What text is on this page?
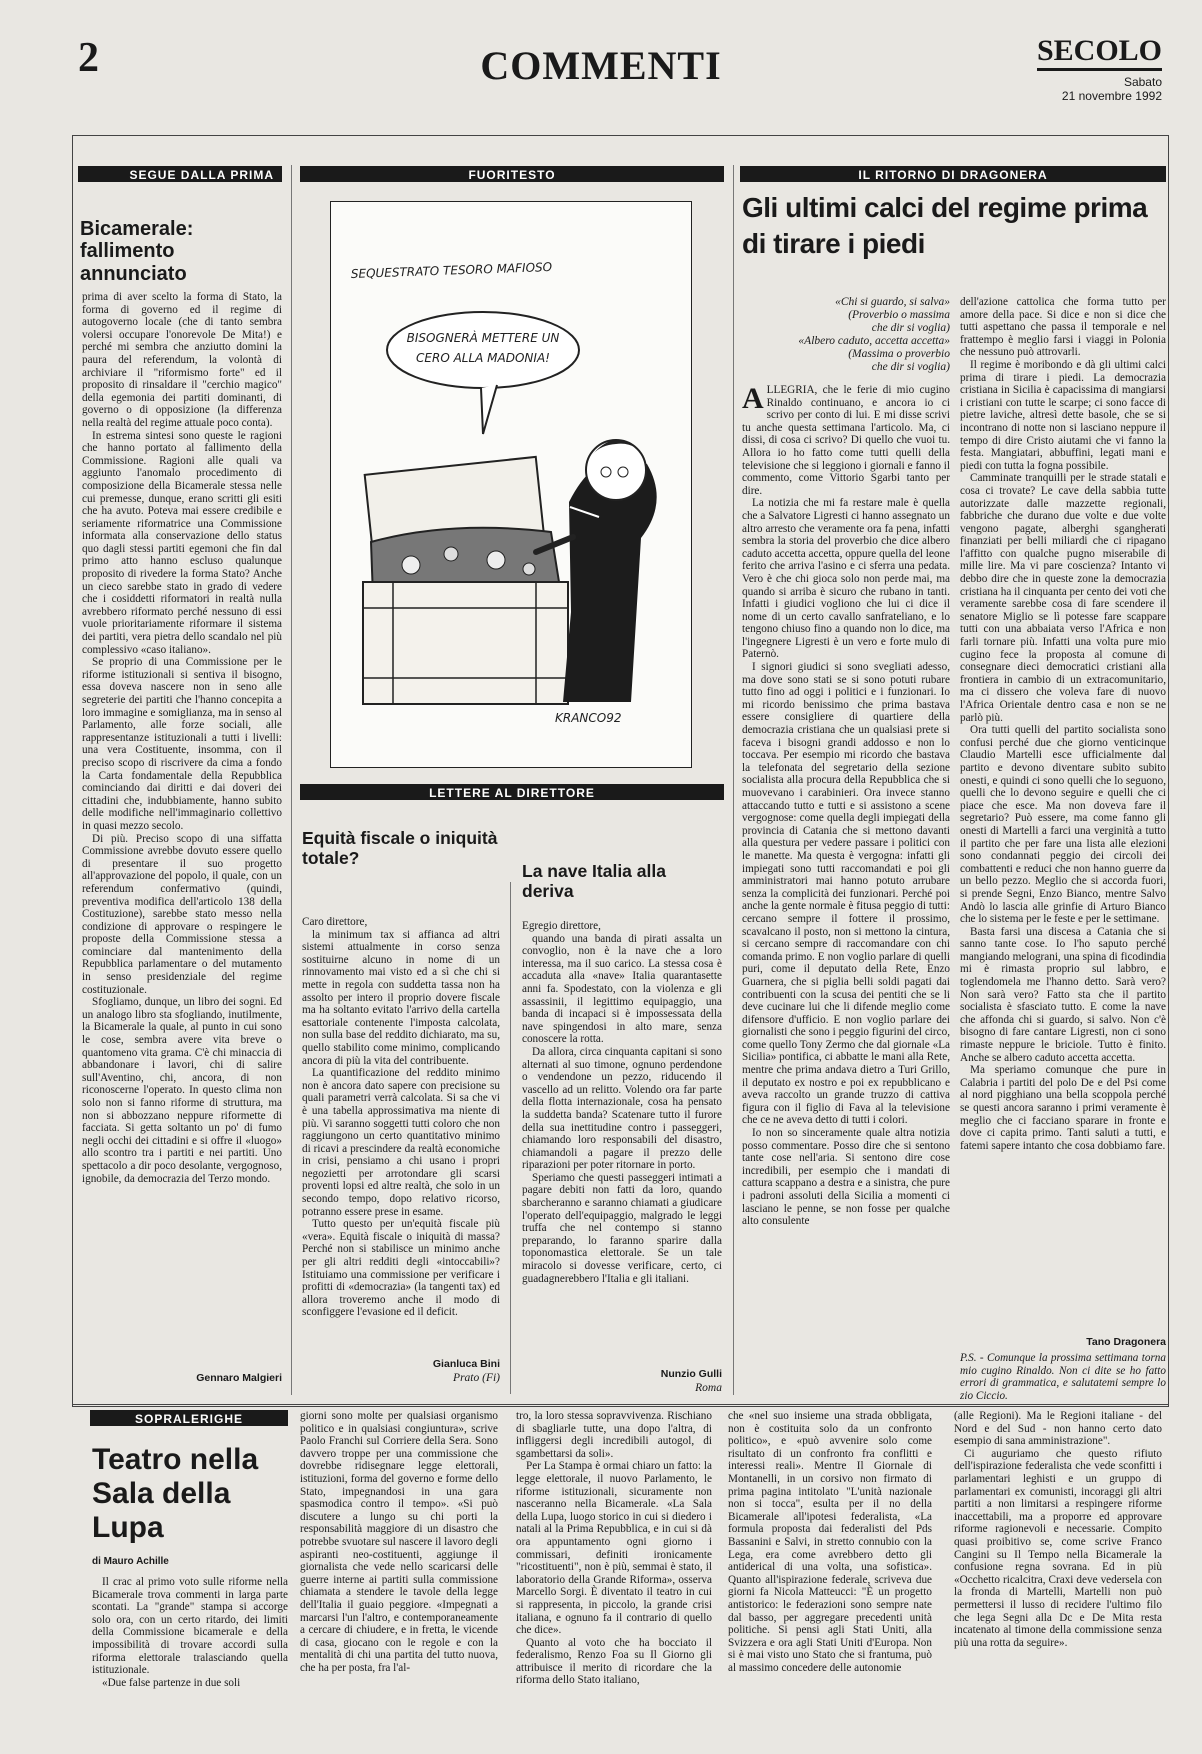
2	COMMENTI	SECOLO
Sabato
21 novembre 1992
SEGUE DALLA PRIMA
Bicamerale: fallimento annunciato

prima di aver scelto la forma di Stato, la forma di governo ed il regime di autogoverno locale (che di tanto sembra volersi occupare l'onorevole De Mita!) e perché mi sembra che anziutto domini la paura del referendum, la volontà di archiviare il "riformismo forte" ed il proposito di rinsaldare il "cerchio magico" della egemonia dei partiti dominanti, di governo o di opposizione (la differenza nella realtà del regime attuale poco conta).

In estrema sintesi sono queste le ragioni che hanno portato al fallimento della Commissione. Ragioni alle quali va aggiunto l'anomalo procedimento di composizione della Bicamerale stessa nelle cui premesse, dunque, erano scritti gli esiti che ha avuto. Poteva mai essere credibile e seriamente riformatrice una Commissione informata alla conservazione dello status quo dagli stessi partiti egemoni che fin dal primo atto hanno escluso qualunque proposito di rivedere la forma Stato? Anche un cieco sarebbe stato in grado di vedere che i cosiddetti riformatori in realtà nulla avrebbero riformato perché nessuno di essi vuole prioritariamente riformare il sistema dei partiti, vera pietra dello scandalo nel più complessivo «caso italiano».

Se proprio di una Commissione per le riforme istituzionali si sentiva il bisogno, essa doveva nascere non in seno alle segreterie dei partiti che l'hanno concepita a loro immagine e somiglianza, ma in senso al Parlamento, alle forze sociali, alle rappresentanze istituzionali a tutti i livelli: una vera Costituente, insomma, con il preciso scopo di riscrivere da cima a fondo la Carta fondamentale della Repubblica cominciando dai diritti e dai doveri dei cittadini che, indubbiamente, hanno subito delle modifiche nell'immaginario collettivo in quasi mezzo secolo.

Di più. Preciso scopo di una siffatta Commissione avrebbe dovuto essere quello di presentare il suo progetto all'approvazione del popolo, il quale, con un referendum confermativo (quindi, preventiva modifica dell'articolo 138 della Costituzione), sarebbe stato messo nella condizione di approvare o respingere le proposte della Commissione stessa a cominciare dal mantenimento della Repubblica parlamentare o del mutamento in senso presidenziale del regime costituzionale.

Sfogliamo, dunque, un libro dei sogni. Ed un analogo libro sta sfogliando, inutilmente, la Bicamerale la quale, al punto in cui sono le cose, sembra avere vita breve o quantomeno vita grama. C'è chi minaccia di abbandonare i lavori, chi di salire sull'Aventino, chi, ancora, di non riconoscerne l'operato. In questo clima non solo non si fanno riforme di struttura, ma non si abbozzano neppure riformette di facciata. Si getta soltanto un po' di fumo negli occhi dei cittadini e si offre il «luogo» allo scontro tra i partiti e nei partiti. Uno spettacolo a dir poco desolante, vergognoso, ignobile, da democrazia del Terzo mondo.

Gennaro Malgieri
FUORITESTO
SEQUESTRATO TESORO MAFIOSO
BISOGNERÀ METTERE UN
CERO ALLA MADONIA!
KRANCO92
LETTERE AL DIRETTORE
Equità fiscale o iniquità totale?

Caro direttore,

la minimum tax si affianca ad altri sistemi attualmente in corso senza sostituirne alcuno in nome di un rinnovamento mai visto ed a sì che chi si mette in regola con suddetta tassa non ha assolto per intero il proprio dovere fiscale ma ha soltanto evitato l'arrivo della cartella esattoriale contenente l'imposta calcolata, non sulla base del reddito dichiarato, ma su, quello stabilito come minimo, complicando ancora di più la vita del contribuente.

La quantificazione del reddito minimo non è ancora dato sapere con precisione su quali parametri verrà calcolata. Si sa che vi è una tabella approssimativa ma niente di più. Vi saranno soggetti tutti coloro che non raggiungono un certo quantitativo minimo di ricavi a prescindere da realtà economiche in crisi, pensiamo a chi usano i propri negozietti per arrotondare gli scarsi proventi lopsi ed altre realtà, che solo in un secondo tempo, dopo relativo ricorso, potranno essere prese in esame.

Tutto questo per un'equità fiscale più «vera». Equità fiscale o iniquità di massa? Perché non si stabilisce un minimo anche per gli altri redditi degli «intoccabili»? Istituiamo una commissione per verificare i profitti di «democrazia» (la tangenti tax) ed allora troveremo anche il modo di sconfiggere l'evasione ed il deficit.

Gianluca Bini
Prato (Fi)
La nave Italia alla deriva

Egregio direttore,

quando una banda di pirati assalta un convoglio, non è la nave che a loro interessa, ma il suo carico. La stessa cosa è accaduta alla «nave» Italia quarantasette anni fa. Spodestato, con la violenza e gli assassinii, il legittimo equipaggio, una banda di incapaci si è impossessata della nave spingendosi in alto mare, senza conoscere la rotta.

Da allora, circa cinquanta capitani si sono alternati al suo timone, ognuno perdendone o vendendone un pezzo, riducendo il vascello ad un relitto. Volendo ora far parte della flotta internazionale, cosa ha pensato la suddetta banda? Scatenare tutto il furore della sua inettitudine contro i passeggeri, chiamando loro responsabili del disastro, chiamandoli a pagare il prezzo delle riparazioni per poter ritornare in porto.

Speriamo che questi passeggeri intimati a pagare debiti non fatti da loro, quando sbarcheranno e saranno chiamati a giudicare l'operato dell'equipaggio, malgrado le leggi truffa che nel contempo si stanno preparando, lo faranno sparire dalla toponomastica elettorale. Se un tale miracolo si dovesse verificare, certo, ci guadagnerebbero l'Italia e gli italiani.

Nunzio Gulli
Roma
IL RITORNO DI DRAGONERA
Gli ultimi calci del regime prima di tirare i piedi
«Chi si guardo, si salva»
(Proverbio o massima
che dir si voglia)
«Albero caduto, accetta accetta»
(Massima o proverbio
che dir si voglia)

ALLEGRIA, che le ferie di mio cugino Rinaldo continuano, e ancora io ci scrivo per conto di lui. E mi disse scrivi tu anche questa settimana l'articolo. Ma, ci dissi, di cosa ci scrivo? Di quello che vuoi tu. Allora io ho fatto come tutti quelli della televisione che si leggiono i giornali e fanno il commento, come Vittorio Sgarbi tanto per dire.

La notizia che mi fa restare male è quella che a Salvatore Ligresti ci hanno assegnato un altro arresto che veramente ora fa pena, infatti sembra la storia del proverbio che dice albero caduto accetta accetta, oppure quella del leone ferito che arriva l'asino e ci sferra una pedata. Vero è che chi gioca solo non perde mai, ma quando si arriba è sicuro che rubano in tanti. Infatti i giudici vogliono che lui ci dice il nome di un certo cavallo sanfrateliano, e lo tengono chiuso fino a quando non lo dice, ma l'ingegnere Ligresti è un vero e forte mulo di Paternò.

I signori giudici si sono svegliati adesso, ma dove sono stati se si sono potuti rubare tutto fino ad oggi i politici e i funzionari. Io mi ricordo benissimo che prima bastava essere consigliere di quartiere della democrazia cristiana che un qualsiasi prete si faceva i bisogni grandi addosso e non lo toccava. Per esempio mi ricordo che bastava la telefonata del segretario della sezione socialista alla procura della Repubblica che si muovevano i carabinieri. Ora invece stanno attaccando tutto e tutti e si assistono a scene vergognose: come quella degli impiegati della provincia di Catania che si mettono davanti alla questura per vedere passare i politici con le manette. Ma questa è vergogna: infatti gli impiegati sono tutti raccomandati e poi gli amministratori mai hanno potuto arrubare senza la complicità dei funzionari. Perché poi anche la gente normale è fitusa peggio di tutti: cercano sempre il fottere il prossimo, scavalcano il posto, non si mettono la cintura, si cercano sempre di raccomandare con chi comanda primo. E non voglio parlare di quelli puri, come il deputato della Rete, Enzo Guarnera, che si piglia belli soldi pagati dai contribuenti con la scusa dei pentiti che se li deve cucinare lui che li difende meglio come difensore d'ufficio. E non voglio parlare dei giornalisti che sono i peggio figurini del circo, come quello Tony Zermo che dal giornale «La Sicilia» pontifica, ci abbatte le mani alla Rete, mentre che prima andava dietro a Turi Grillo, il deputato ex nostro e poi ex repubblicano e aveva raccolto un grande truzzo di cattiva figura con il figlio di Fava al la televisione che ce ne aveva detto di tutti i colori.

Io non so sinceramente quale altra notizia posso commentare. Posso dire che si sentono tante cose nell'aria. Si sentono dire cose incredibili, per esempio che i mandati di cattura scappano a destra e a sinistra, che pure i padroni assoluti della Sicilia a momenti ci lasciano le penne, se non fosse per qualche alto consulente

dell'azione cattolica che forma tutto per amore della pace. Si dice e non si dice che tutti aspettano che passa il temporale e nel frattempo è meglio farsi i viaggi in Polonia che nessuno può attrovarli.

Il regime è moribondo e dà gli ultimi calci prima di tirare i piedi. La democrazia cristiana in Sicilia è capacissima di mangiarsi i cristiani con tutte le scarpe; ci sono facce di pietre laviche, altresì dette basole, che se si incontrano di notte non si lasciano neppure il tempo di dire Cristo aiutami che vi fanno la festa. Mangiatari, abbuffini, legati mani e piedi con tutta la fogna possibile.

Camminate tranquilli per le strade statali e cosa ci trovate? Le cave della sabbia tutte autorizzate dalle mazzette regionali, fabbriche che durano due volte e due volte vengono pagate, alberghi sgangherati finanziati per belli miliardi che ci ripagano l'affitto con qualche pugno miserabile di mille lire. Ma vi pare coscienza? Intanto vi debbo dire che in queste zone la democrazia cristiana ha il cinquanta per cento dei voti che veramente sarebbe cosa di fare scendere il senatore Miglio se lì potesse fare scappare tutti con una abbaiata verso l'Africa e non farli tornare più. Infatti una volta pure mio cugino fece la proposta al comune di consegnare dieci democratici cristiani alla frontiera in cambio di un extracomunitario, ma ci dissero che voleva fare di nuovo l'Africa Orientale dentro casa e non se ne parlò più.

Ora tutti quelli del partito socialista sono confusi perché due che giorno venticinque Claudio Martelli esce ufficialmente dal partito e devono diventare subito subito onesti, e quindi ci sono quelli che lo seguono, quelli che lo devono seguire e quelli che ci piace che esce. Ma non doveva fare il segretario? Può essere, ma come fanno gli onesti di Martelli a farci una verginità a tutto il partito che per fare una lista alle elezioni sono condannati peggio dei circoli dei combattenti e reduci che non hanno guerre da un bello pezzo. Meglio che si accorda fuori, si prende Segni, Enzo Bianco, mentre Salvo Andò lo lascia alle grinfie di Arturo Bianco che lo sistema per le feste e per le settimane.

Basta farsi una discesa a Catania che si sanno tante cose. Io l'ho saputo perché mangiando melograni, una spina di ficodindia mi è rimasta proprio sul labbro, e toglendomela me l'hanno detto. Sarà vero? Non sarà vero? Fatto sta che il partito socialista è sfasciato tutto. E come la nave che affonda chi si guardo, si salvo. Non c'è bisogno di fare cantare Ligresti, non ci sono rimaste neppure le briciole. Tutto è finito. Anche se albero caduto accetta accetta.

Ma speriamo comunque che pure in Calabria i partiti del polo De e del Psi come al nord pigghiano una bella scoppola perché se questi ancora saranno i primi veramente è meglio che ci facciano sparare in fronte e dove ci capita primo. Tanti saluti a tutti, e fatemi sapere intanto che cosa dobbiamo fare.

Tano Dragonera
P.S. - Comunque la prossima settimana torna mio cugino Rinaldo. Non ci dite se ho fatto errori di grammatica, e salutatemi sempre lo zio Ciccio.
SOPRALERIGHE
Teatro nella Sala della Lupa
di Mauro Achille

Il crac al primo voto sulle riforme nella Bicamerale trova commenti in larga parte scontati. La "grande" stampa si accorge solo ora, con un certo ritardo, dei limiti della Commissione bicamerale e della impossibilità di trovare accordi sulla riforma elettorale tralasciando quella istituzionale.

«Due false partenze in due soli

giorni sono molte per qualsiasi organismo politico e in qualsiasi congiuntura», scrive Paolo Franchi sul Corriere della Sera. Sono davvero troppe per una commissione che dovrebbe ridisegnare legge elettorali, istituzioni, forma del governo e forme dello Stato, impegnandosi in una gara spasmodica contro il tempo». «Si può discutere a lungo su chi porti la responsabilità maggiore di un disastro che potrebbe svuotare sul nascere il lavoro degli aspiranti neo-costituenti, aggiunge il giornalista che vede nello scaricarsi delle guerre interne ai partiti sulla commissione chiamata a stendere le tavole della legge dell'Italia il guaio peggiore. «Impegnati a marcarsi l'un l'altro, e contemporaneamente a cercare di chiudere, e in fretta, le vicende di casa, giocano con le regole e con la mentalità di chi una partita del tutto nuova, che ha per posta, fra l'al-

tro, la loro stessa sopravvivenza. Rischiano di sbagliarle tutte, una dopo l'altra, di infliggersi degli incredibili autogol, di sgambettarsi da soli».

Per La Stampa è ormai chiaro un fatto: la legge elettorale, il nuovo Parlamento, le riforme istituzionali, sicuramente non nasceranno nella Bicamerale. «La Sala della Lupa, luogo storico in cui si diedero i natali al la Prima Repubblica, e in cui si dà ora appuntamento ogni giorno i commissari, definiti ironicamente "ricostituenti", non è più, semmai è stato, il laboratorio della Grande Riforma», osserva Marcello Sorgi. È diventato il teatro in cui si rappresenta, in piccolo, la grande crisi italiana, e ognuno fa il contrario di quello che dice».

Quanto al voto che ha bocciato il federalismo, Renzo Foa su Il Giorno gli attribuisce il merito di ricordare che la riforma dello Stato italiano,

che «nel suo insieme una strada obbligata, non è costituita solo da un confronto politico», e «può avvenire solo come risultato di un confronto fra conflitti e interessi reali». Mentre Il Giornale di Montanelli, in un corsivo non firmato di prima pagina intitolato "L'unità nazionale non si tocca", esulta per il no della Bicamerale all'ipotesi federalista, «La formula proposta dai federalisti del Pds Bassanini e Salvi, in stretto connubio con la Lega, era come avrebbero detto gli antiderical di una volta, una sofistica». Quanto all'ispirazione federale, scriveva due giorni fa Nicola Matteucci: "È un progetto antistorico: le federazioni sono sempre nate dal basso, per aggregare precedenti unità politiche. Si pensi agli Stati Uniti, alla Svizzera e ora agli Stati Uniti d'Europa. Non si è mai visto uno Stato che si frantuma, può al massimo concedere delle autonomie

(alle Regioni). Ma le Regioni italiane - del Nord e del Sud - non hanno certo dato esempio di sana amministrazione".

Ci auguriamo che questo rifiuto dell'ispirazione federalista che vede sconfitti i parlamentari leghisti e un gruppo di parlamentari ex comunisti, incoraggi gli altri partiti a non limitarsi a respingere riforme inaccettabili, ma a proporre ed approvare riforme ragionevoli e necessarie. Compito quasi proibitivo se, come scrive Franco Cangini su Il Tempo nella Bicamerale la confusione regna sovrana. Ed in più «Occhetto ricalcitra, Craxi deve vedersela con la fronda di Martelli, Martelli non può permettersi il lusso di recidere l'ultimo filo che lega Segni alla Dc e De Mita resta incatenato al timone della commissione senza più una rotta da seguire».
